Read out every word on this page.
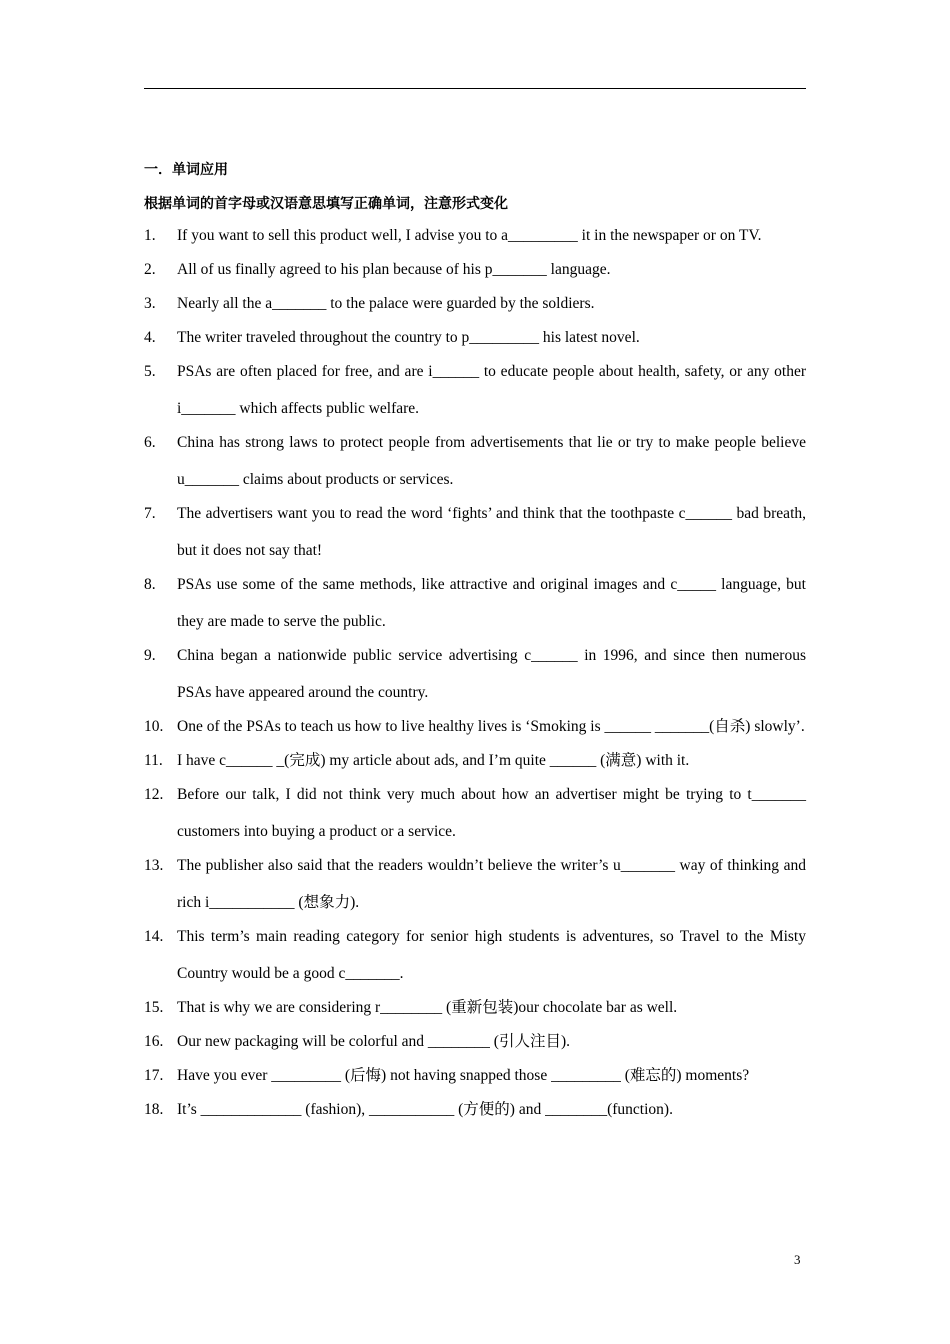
一．单词应用
根据单词的首字母或汉语意思填写正确单词，注意形式变化
1. If you want to sell this product well, I advise you to a_________ it in the newspaper or on TV.
2. All of us finally agreed to his plan because of his p_______ language.
3. Nearly all the a_______ to the palace were guarded by the soldiers.
4. The writer traveled throughout the country to p_________ his latest novel.
5. PSAs are often placed for free, and are i______ to educate people about health, safety, or any other i_______ which affects public welfare.
6. China has strong laws to protect people from advertisements that lie or try to make people believe u_______ claims about products or services.
7. The advertisers want you to read the word ‘fights’ and think that the toothpaste c______ bad breath, but it does not say that!
8. PSAs use some of the same methods, like attractive and original images and c_____ language, but they are made to serve the public.
9. China began a nationwide public service advertising c______ in 1996, and since then numerous PSAs have appeared around the country.
10. One of the PSAs to teach us how to live healthy lives is ‘Smoking is ______ _______(自杀) slowly’.
11. I have c______ _(完成) my article about ads, and I’m quite ______ (满意) with it.
12. Before our talk, I did not think very much about how an advertiser might be trying to t_______ customers into buying a product or a service.
13. The publisher also said that the readers wouldn’t believe the writer’s u_______ way of thinking and rich i___________ (想象力).
14. This term’s main reading category for senior high students is adventures, so Travel to the Misty Country would be a good c_______.
15. That is why we are considering r________ (重新包装)our chocolate bar as well.
16. Our new packaging will be colorful and ________ (引人注目).
17. Have you ever _________ (后悔) not having snapped those _________ (难忘的) moments?
18. It’s _____________ (fashion), ___________ (方便的) and ________(function).
3
